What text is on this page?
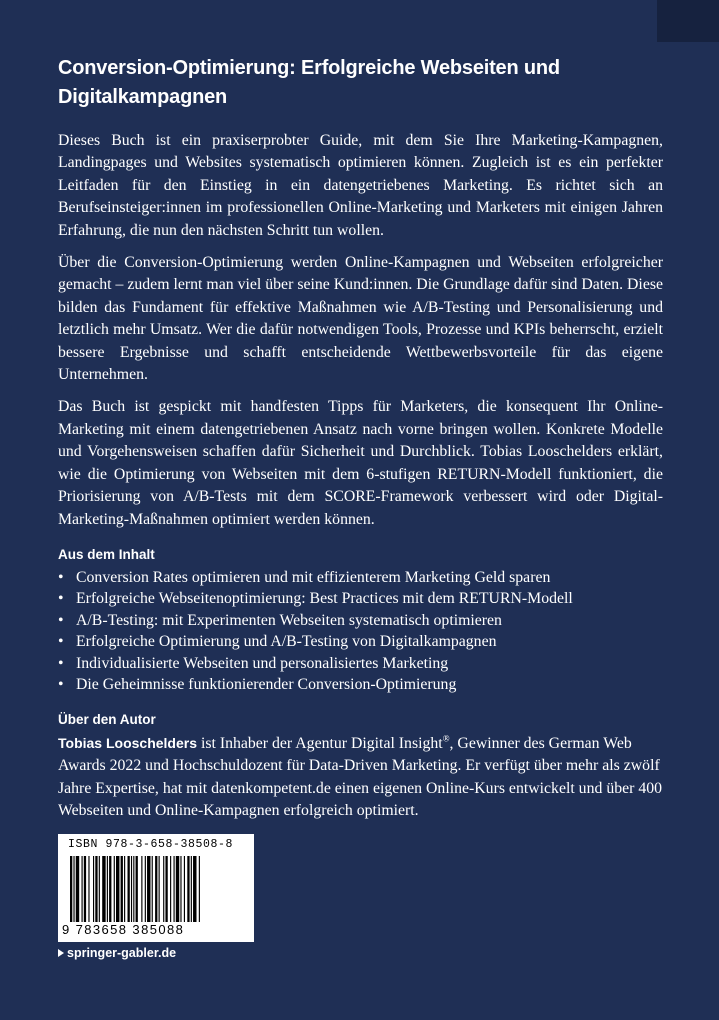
Conversion-Optimierung: Erfolgreiche Webseiten und Digitalkampagnen

Dieses Buch ist ein praxiserprobter Guide, mit dem Sie Ihre Marketing-Kampagnen, Landingpages und Websites systematisch optimieren können. Zugleich ist es ein perfekter Leitfaden für den Einstieg in ein datengetriebenes Marketing. Es richtet sich an Berufseinsteiger:innen im professionellen Online-Marketing und Marketers mit einigen Jahren Erfahrung, die nun den nächsten Schritt tun wollen.

Über die Conversion-Optimierung werden Online-Kampagnen und Webseiten erfolgreicher gemacht – zudem lernt man viel über seine Kund:innen. Die Grundlage dafür sind Daten. Diese bilden das Fundament für effektive Maßnahmen wie A/B-Testing und Personalisierung und letztlich mehr Umsatz. Wer die dafür notwendigen Tools, Prozesse und KPIs beherrscht, erzielt bessere Ergebnisse und schafft entscheidende Wettbewerbsvorteile für das eigene Unternehmen.

Das Buch ist gespickt mit handfesten Tipps für Marketers, die konsequent Ihr Online-Marketing mit einem datengetriebenen Ansatz nach vorne bringen wollen. Konkrete Modelle und Vorgehensweisen schaffen dafür Sicherheit und Durchblick. Tobias Looschelders erklärt, wie die Optimierung von Webseiten mit dem 6-stufigen RETURN-Modell funktioniert, die Priorisierung von A/B-Tests mit dem SCORE-Framework verbessert wird oder Digital-Marketing-Maßnahmen optimiert werden können.

Aus dem Inhalt
• Conversion Rates optimieren und mit effizienterem Marketing Geld sparen
• Erfolgreiche Webseitenoptimierung: Best Practices mit dem RETURN-Modell
• A/B-Testing: mit Experimenten Webseiten systematisch optimieren
• Erfolgreiche Optimierung und A/B-Testing von Digitalkampagnen
• Individualisierte Webseiten und personalisiertes Marketing
• Die Geheimnisse funktionierender Conversion-Optimierung
Über den Autor

Tobias Looschelders ist Inhaber der Agentur Digital Insight®, Gewinner des German Web Awards 2022 und Hochschuldozent für Data-Driven Marketing. Er verfügt über mehr als zwölf Jahre Expertise, hat mit datenkompetent.de einen eigenen Online-Kurs entwickelt und über 400 Webseiten und Online-Kampagnen erfolgreich optimiert.

ISBN 978-3-658-38508-8
9 783658 385088
springer-gabler.de
